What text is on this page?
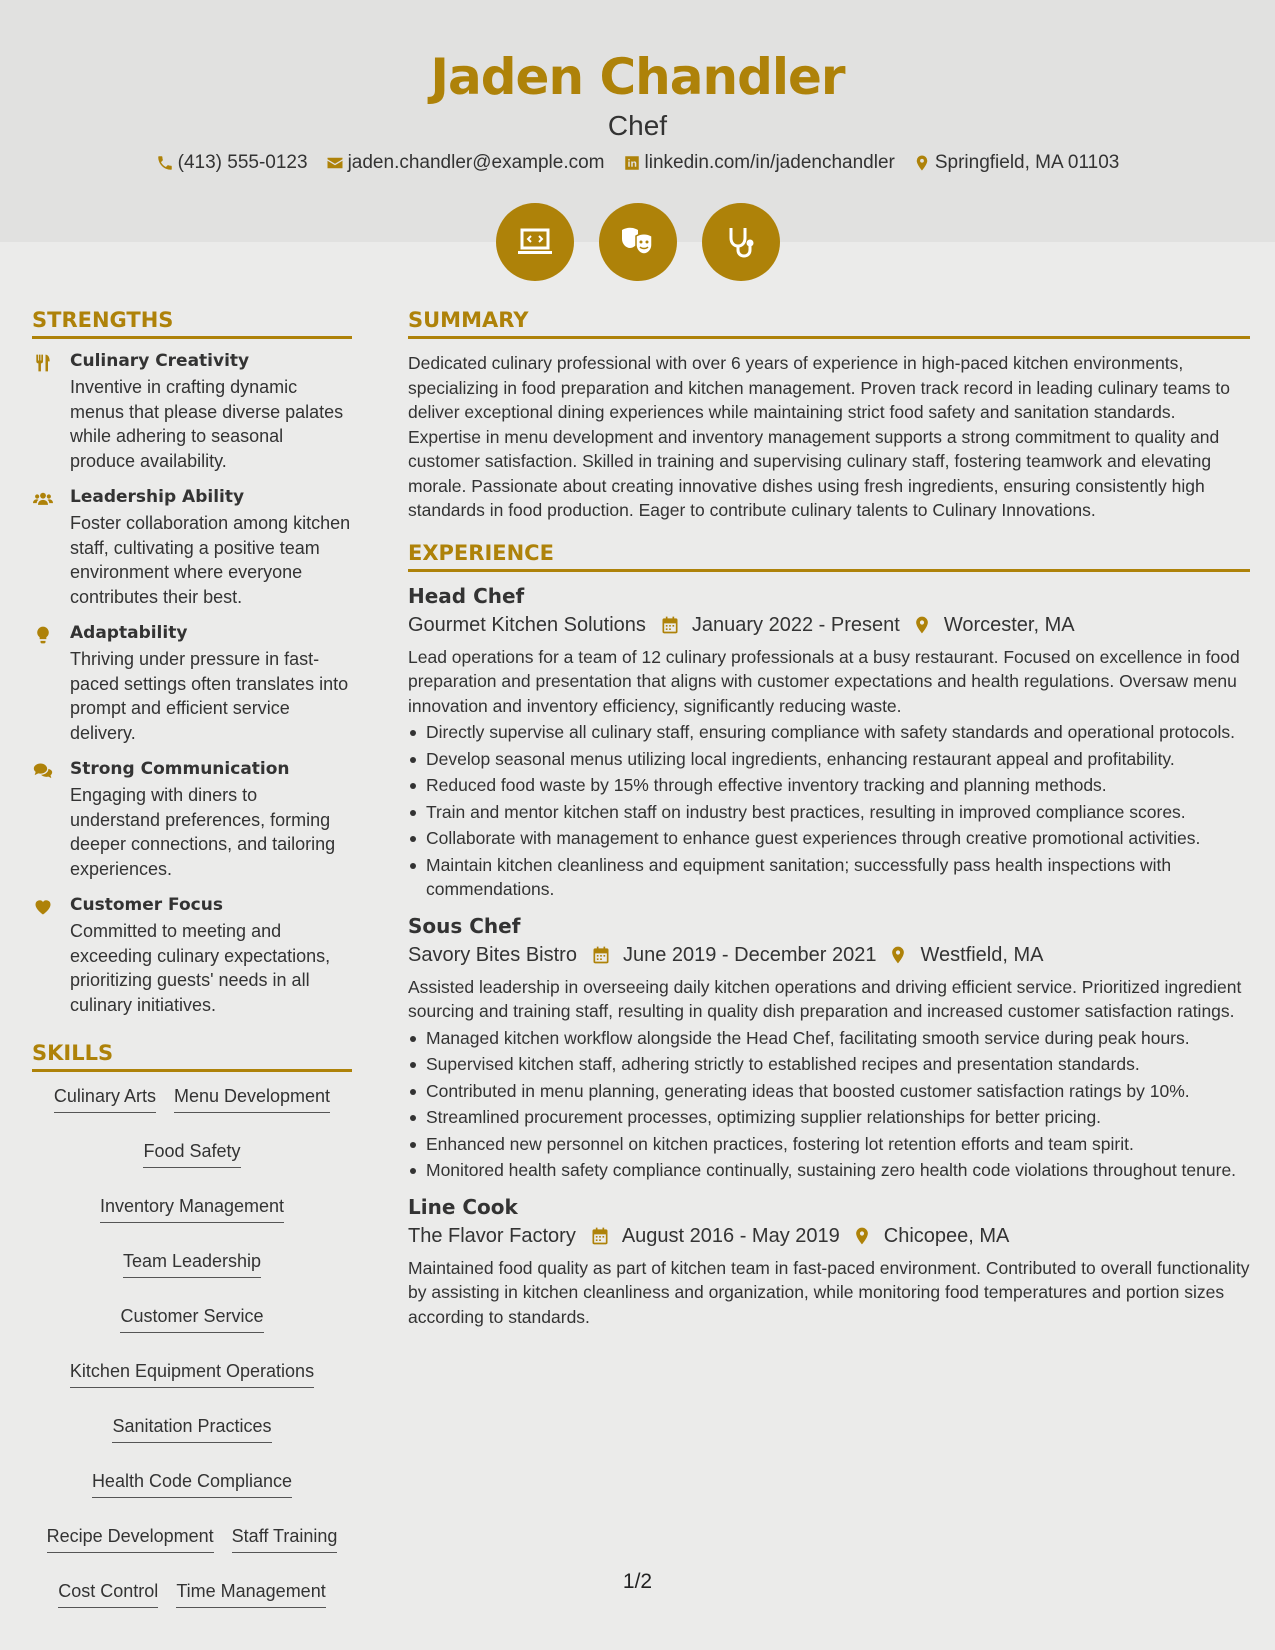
Jaden Chandler
Chef
(413) 555-0123 jaden.chandler@example.com linkedin.com/in/jadenchandler Springfield, MA 01103
STRENGTHS
Culinary Creativity
Inventive in crafting dynamic menus that please diverse palates while adhering to seasonal produce availability.
Leadership Ability
Foster collaboration among kitchen staff, cultivating a positive team environment where everyone contributes their best.
Adaptability
Thriving under pressure in fast-paced settings often translates into prompt and efficient service delivery.
Strong Communication
Engaging with diners to understand preferences, forming deeper connections, and tailoring experiences.
Customer Focus
Committed to meeting and exceeding culinary expectations, prioritizing guests' needs in all culinary initiatives.
SKILLS
Culinary Arts Menu Development
Food Safety
Inventory Management
Team Leadership
Customer Service
Kitchen Equipment Operations
Sanitation Practices
Health Code Compliance
Recipe Development Staff Training
Cost Control Time Management
SUMMARY
Dedicated culinary professional with over 6 years of experience in high-paced kitchen environments, specializing in food preparation and kitchen management. Proven track record in leading culinary teams to deliver exceptional dining experiences while maintaining strict food safety and sanitation standards. Expertise in menu development and inventory management supports a strong commitment to quality and customer satisfaction. Skilled in training and supervising culinary staff, fostering teamwork and elevating morale. Passionate about creating innovative dishes using fresh ingredients, ensuring consistently high standards in food production. Eager to contribute culinary talents to Culinary Innovations.
EXPERIENCE
Head Chef
Gourmet Kitchen Solutions January 2022 - Present Worcester, MA
Lead operations for a team of 12 culinary professionals at a busy restaurant. Focused on excellence in food preparation and presentation that aligns with customer expectations and health regulations. Oversaw menu innovation and inventory efficiency, significantly reducing waste.
Directly supervise all culinary staff, ensuring compliance with safety standards and operational protocols.
Develop seasonal menus utilizing local ingredients, enhancing restaurant appeal and profitability.
Reduced food waste by 15% through effective inventory tracking and planning methods.
Train and mentor kitchen staff on industry best practices, resulting in improved compliance scores.
Collaborate with management to enhance guest experiences through creative promotional activities.
Maintain kitchen cleanliness and equipment sanitation; successfully pass health inspections with commendations.
Sous Chef
Savory Bites Bistro June 2019 - December 2021 Westfield, MA
Assisted leadership in overseeing daily kitchen operations and driving efficient service. Prioritized ingredient sourcing and training staff, resulting in quality dish preparation and increased customer satisfaction ratings.
Managed kitchen workflow alongside the Head Chef, facilitating smooth service during peak hours.
Supervised kitchen staff, adhering strictly to established recipes and presentation standards.
Contributed in menu planning, generating ideas that boosted customer satisfaction ratings by 10%.
Streamlined procurement processes, optimizing supplier relationships for better pricing.
Enhanced new personnel on kitchen practices, fostering lot retention efforts and team spirit.
Monitored health safety compliance continually, sustaining zero health code violations throughout tenure.
Line Cook
The Flavor Factory August 2016 - May 2019 Chicopee, MA
Maintained food quality as part of kitchen team in fast-paced environment. Contributed to overall functionality by assisting in kitchen cleanliness and organization, while monitoring food temperatures and portion sizes according to standards.
1/2
